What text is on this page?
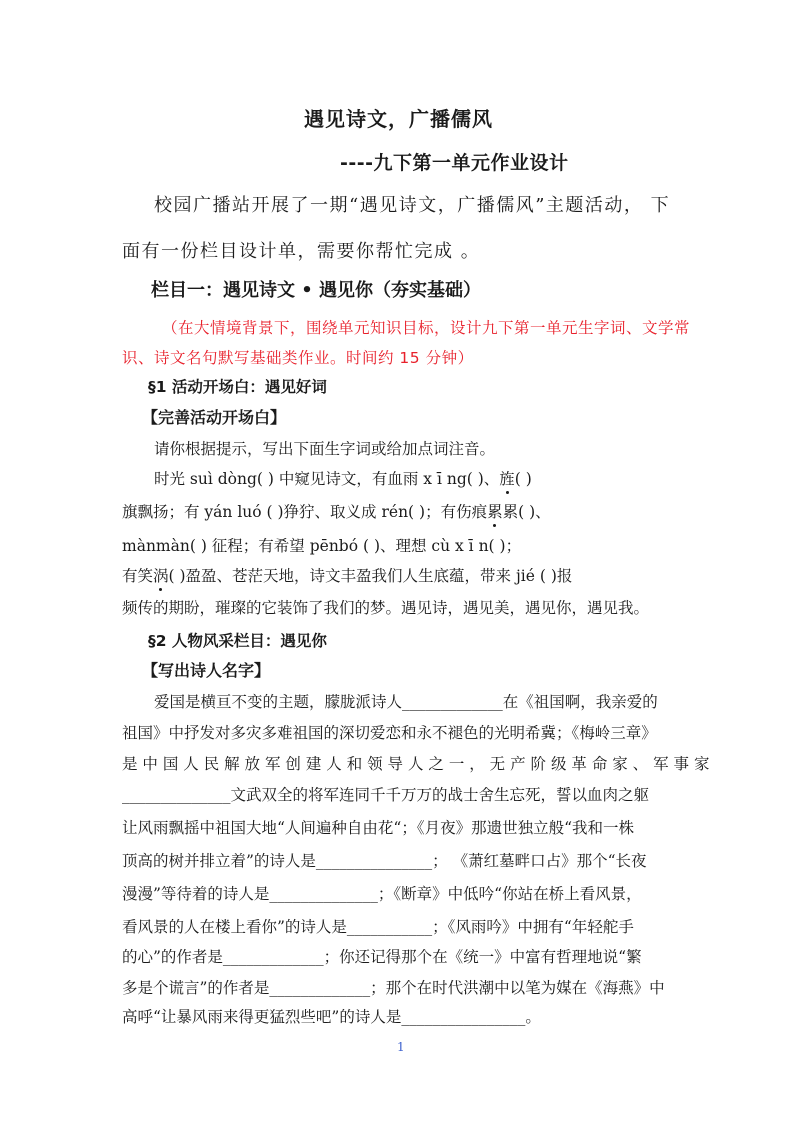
遇见诗文，广播儒风
----九下第一单元作业设计
校园广播站开展了一期“遇见诗文，广播儒风”主题活动， 下
面有一份栏目设计单，需要你帮忙完成 。
栏目一：遇见诗文 • 遇见你（夯实基础）
（在大情境背景下，围绕单元知识目标，设计九下第一单元生字词、文学常
识、诗文名句默写基础类作业。时间约 15 分钟）
§1 活动开场白：遇见好词
【完善活动开场白】
请你根据提示，写出下面生字词或给加点词注音。
时光 suì dòng( ) 中窥见诗文，有血雨 x ī ng( )、旌( )
旗飘扬；有 yán luó ( )狰狞、取义成 rén( )；有伤痕累累( )、
mànmàn( ) 征程；有希望 pēnbó ( )、理想 cù x ī n( )；
有笑涡( )盈盈、苍茫天地，诗文丰盈我们人生底蕴，带来 jié ( )报
频传的期盼，璀璨的它装饰了我们的梦。遇见诗，遇见美，遇见你，遇见我。
§2 人物风采栏目：遇见你
【写出诗人名字】
爱国是横亘不变的主题，朦胧派诗人_____________在《祖国啊，我亲爱的
祖国》中抒发对多灾多难祖国的深切爱恋和永不褪色的光明希冀；《梅岭三章》
是 中 国 人 民 解 放 军 创 建 人 和 领 导 人 之 一 ， 无 产 阶 级 革 命 家 、 军 事 家
______________文武双全的将军连同千千万万的战士舍生忘死，誓以血肉之躯
让风雨飘摇中祖国大地“人间遍种自由花“；《月夜》那遗世独立般“我和一株
顶高的树并排立着”的诗人是_______________； 《萧红墓畔口占》那个“长夜
漫漫”等待着的诗人是______________；《断章》中低吟“你站在桥上看风景，
看风景的人在楼上看你”的诗人是___________；《风雨吟》中拥有“年轻舵手
的心”的作者是_____________；你还记得那个在《统一》中富有哲理地说“繁
多是个谎言”的作者是_____________；那个在时代洪潮中以笔为媒在《海燕》中
高呼“让暴风雨来得更猛烈些吧”的诗人是________________。
1
